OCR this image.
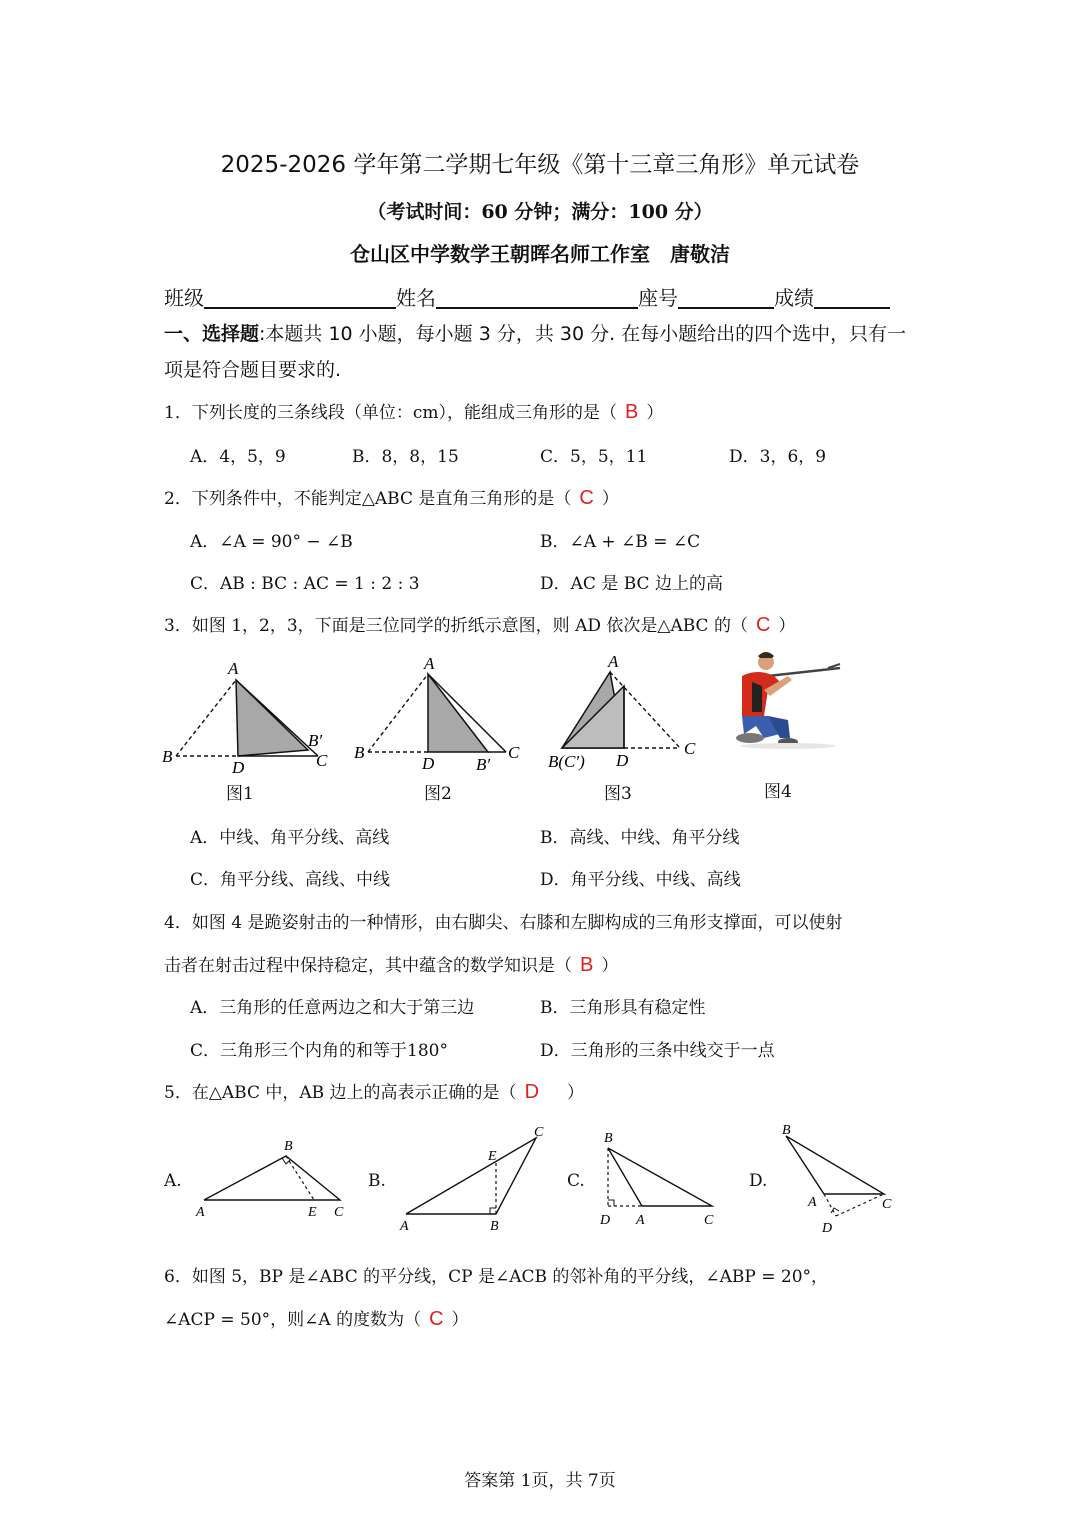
2025-2026 学年第二学期七年级《第十三章三角形》单元试卷
（考试时间：60 分钟；满分：100 分）
仓山区中学数学王朝晖名师工作室　唐敬洁
班级	姓名	座号	成绩
一、选择题:本题共 10 小题，每小题 3 分，共 30 分. 在每小题给出的四个选中，只有一项是符合题目要求的.
1．下列长度的三条线段（单位：cm），能组成三角形的是（ B ）
A．4，5，9	B．8，8，15	C．5，5，11	D．3，6，9
2．下列条件中，不能判定△ABC 是直角三角形的是（ C ）
A．∠A = 90° − ∠B	B．∠A + ∠B = ∠C
C．AB : BC : AC = 1 : 2 : 3	D．AC 是 BC 边上的高
3．如图 1，2，3，下面是三位同学的折纸示意图，则 AD 依次是△ABC 的（ C ）
A
B
D
B′
C
A
B
D B′
C
A
B(C′) D
C
图1	图2	图3	图4
A．中线、角平分线、高线	B．高线、中线、角平分线
C．角平分线、高线、中线	D．角平分线、中线、高线
4．如图 4 是跪姿射击的一种情形，由右脚尖、右膝和左脚构成的三角形支撑面，可以使射
击者在射击过程中保持稳定，其中蕴含的数学知识是（ B ）
A．三角形的任意两边之和大于第三边	B．三角形具有稳定性
C．三角形三个内角的和等于180°	D．三角形的三条中线交于一点
5．在△ABC 中，AB 边上的高表示正确的是（ D ）
A.	B.	C.	D.
B
A	E C
C
E
A	B
B
D A	C
B
A	C
D
6．如图 5，BP 是∠ABC 的平分线，CP 是∠ACB 的邻补角的平分线，∠ABP = 20°，
∠ACP = 50°，则∠A 的度数为（ C ）
答案第 1页，共 7页
